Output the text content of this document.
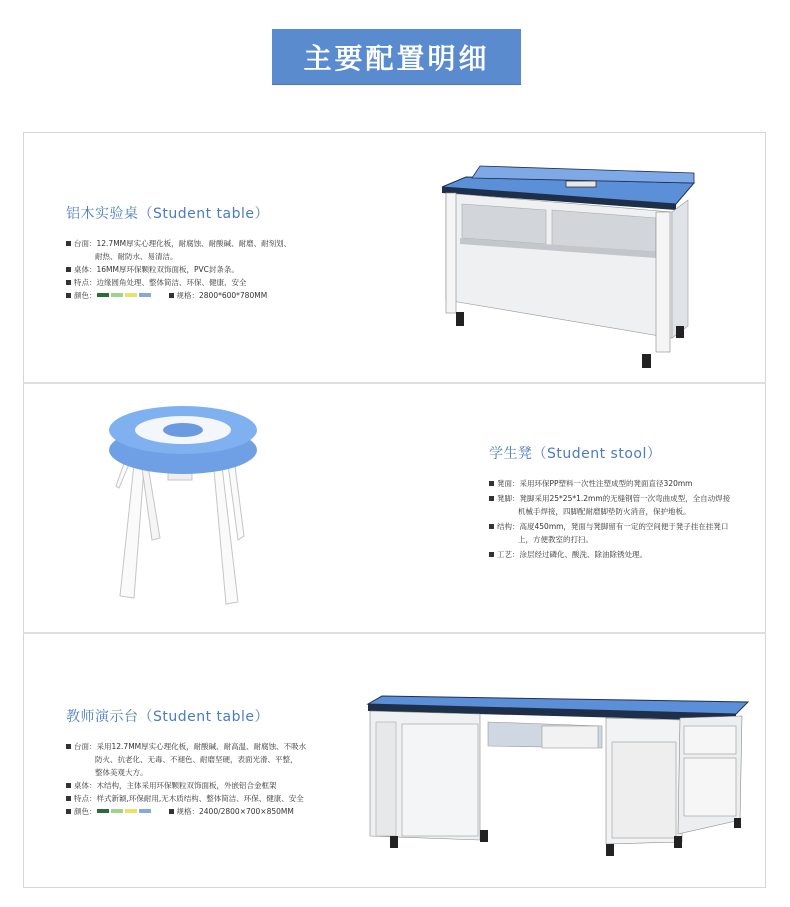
主要配置明细
铝木实验桌（Student table）
台面：12.7MM厚实心理化板，耐腐蚀、耐酸碱、耐磨、耐刻划、
耐热、耐防水、易清洁。
桌体：16MM厚环保颗粒双饰面板，PVC封条条。
特点：边缘圆角处理、整体简洁、环保、健康、安全
颜色：	规格：2800*600*780MM
学生凳（Student stool）
凳面：采用环保PP塑料一次性注塑成型的凳面直径320mm
凳脚：凳脚采用25*25*1.2mm的无缝钢管一次弯曲成型，全自动焊接
机械手焊接，四脚配耐磨脚垫防火消音，保护地板。
结构：高度450mm，凳面与凳脚留有一定的空间便于凳子挂在挂凳口
上，方便教室的打扫。
工艺：涂层经过磷化、酸洗、除油除锈处理。
教师演示台（Student table）
台面：采用12.7MM厚实心理化板，耐酸碱、耐高温、耐腐蚀、不吸水
防火、抗老化、无毒、不褪色、耐磨坚硬，表面光滑、平整，
整体美观大方。
桌体：木结构，主体采用环保颗粒双饰面板，外嵌铝合金框架
特点：样式新颖,环保耐用,无木质结构、整体简洁、环保、健康、安全
颜色：	规格：2400/2800×700×850MM
